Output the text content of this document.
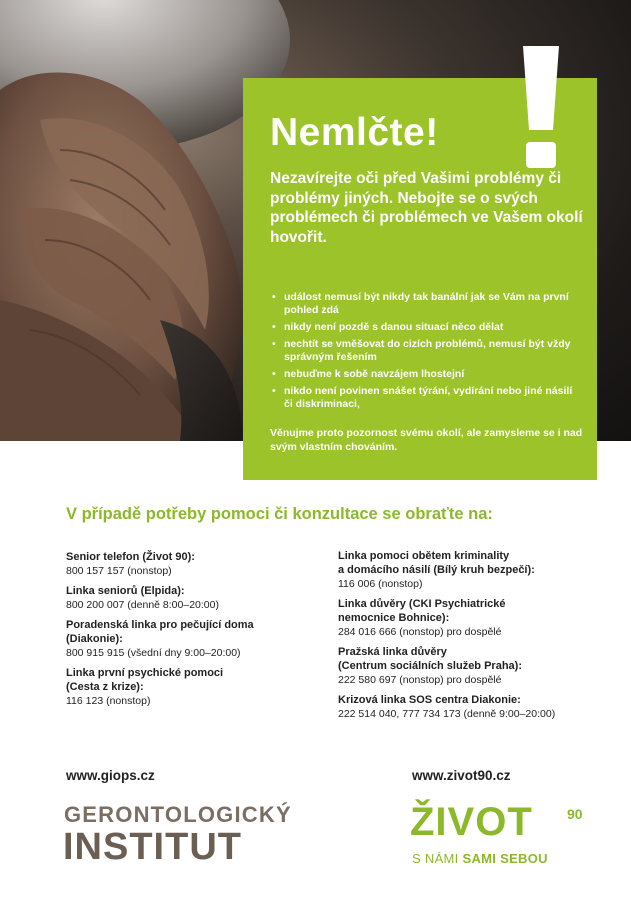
Nemlčte!

Nezavírejte oči před Vašimi problémy či problémy jiných. Nebojte se o svých problémech či problémech ve Vašem okolí hovořit.

• událost nemusí být nikdy tak banální jak se Vám na první pohled zdá
• nikdy není pozdě s danou situací něco dělat
• nechtít se vměšovat do cizích problémů, nemusí být vždy správným řešením
• nebuďme k sobě navzájem lhostejní
• nikdo není povinen snášet týrání, vydírání nebo jiné násilí či diskriminaci,

Věnujme proto pozornost svému okolí, ale zamysleme se i nad svým vlastním chováním.

V případě potřeby pomoci či konzultace se obraťte na:
Senior telefon (Život 90):
800 157 157 (nonstop)
Linka seniorů (Elpida):
800 200 007 (denně 8:00–20:00)
Poradenská linka pro pečující doma
(Diakonie):
800 915 915 (všední dny 9:00–20:00)
Linka první psychické pomoci
(Cesta z krize):
116 123 (nonstop)
Linka pomoci obětem kriminality
a domácího násilí (Bílý kruh bezpečí):
116 006 (nonstop)
Linka důvěry (CKI Psychiatrické
nemocnice Bohnice):
284 016 666 (nonstop) pro dospělé
Pražská linka důvěry
(Centrum sociálních služeb Praha):
222 580 697 (nonstop) pro dospělé
Krizová linka SOS centra Diakonie:
222 514 040, 777 734 173 (denně 9:00–20:00)

www.giops.cz	www.zivot90.cz

GERONTOLOGICKÝ

INSTITUT

ŽIVOT 90

S NÁMI SAMI SEBOU
